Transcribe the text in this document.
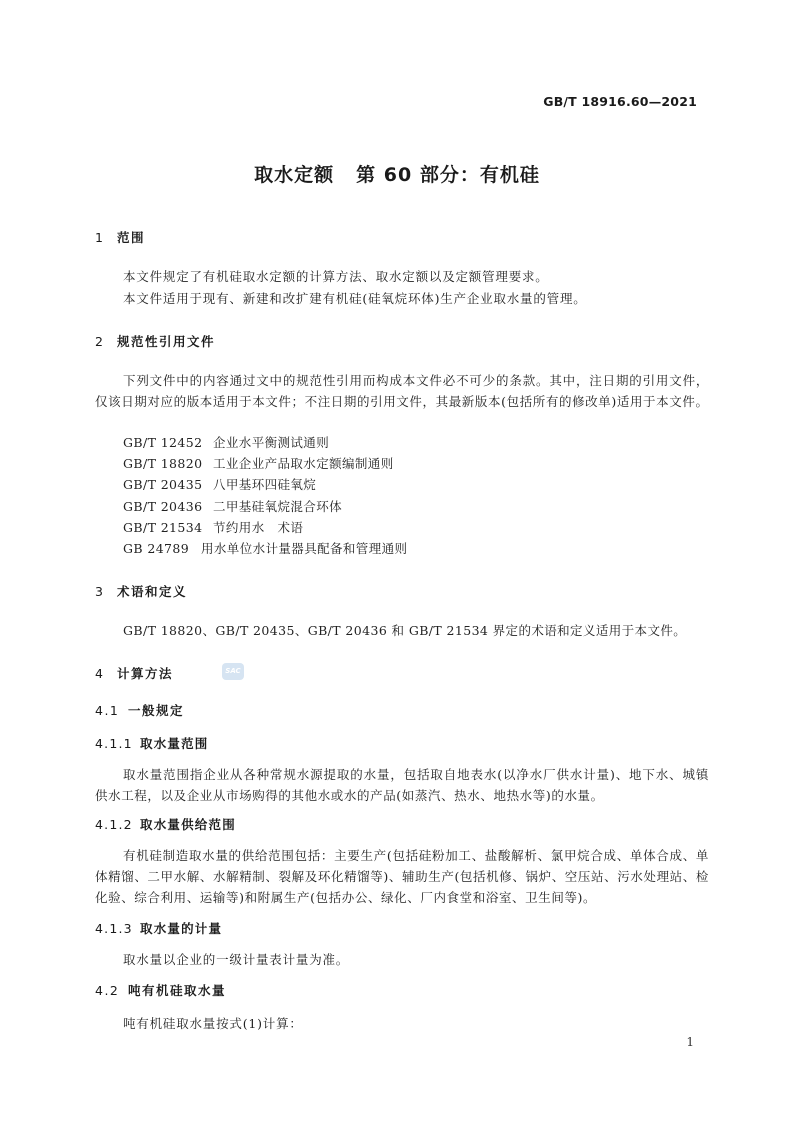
GB/T 18916.60—2021
取水定额 第 60 部分：有机硅
1 范围
本文件规定了有机硅取水定额的计算方法、取水定额以及定额管理要求。
本文件适用于现有、新建和改扩建有机硅(硅氧烷环体)生产企业取水量的管理。
2 规范性引用文件
下列文件中的内容通过文中的规范性引用而构成本文件必不可少的条款。其中，注日期的引用文件，仅该日期对应的版本适用于本文件；不注日期的引用文件，其最新版本(包括所有的修改单)适用于本文件。
GB/T 12452 企业水平衡测试通则
GB/T 18820 工业企业产品取水定额编制通则
GB/T 20435 八甲基环四硅氧烷
GB/T 20436 二甲基硅氧烷混合环体
GB/T 21534 节约用水　术语
GB 24789 用水单位水计量器具配备和管理通则
3 术语和定义
GB/T 18820、GB/T 20435、GB/T 20436 和 GB/T 21534 界定的术语和定义适用于本文件。
4 计算方法	SAC
4.1 一般规定
4.1.1 取水量范围
取水量范围指企业从各种常规水源提取的水量，包括取自地表水(以净水厂供水计量)、地下水、城镇供水工程，以及企业从市场购得的其他水或水的产品(如蒸汽、热水、地热水等)的水量。
4.1.2 取水量供给范围
有机硅制造取水量的供给范围包括：主要生产(包括硅粉加工、盐酸解析、氯甲烷合成、单体合成、单体精馏、二甲水解、水解精制、裂解及环化精馏等)、辅助生产(包括机修、锅炉、空压站、污水处理站、检化验、综合利用、运输等)和附属生产(包括办公、绿化、厂内食堂和浴室、卫生间等)。
4.1.3 取水量的计量
取水量以企业的一级计量表计量为准。
4.2 吨有机硅取水量
吨有机硅取水量按式(1)计算：
1
